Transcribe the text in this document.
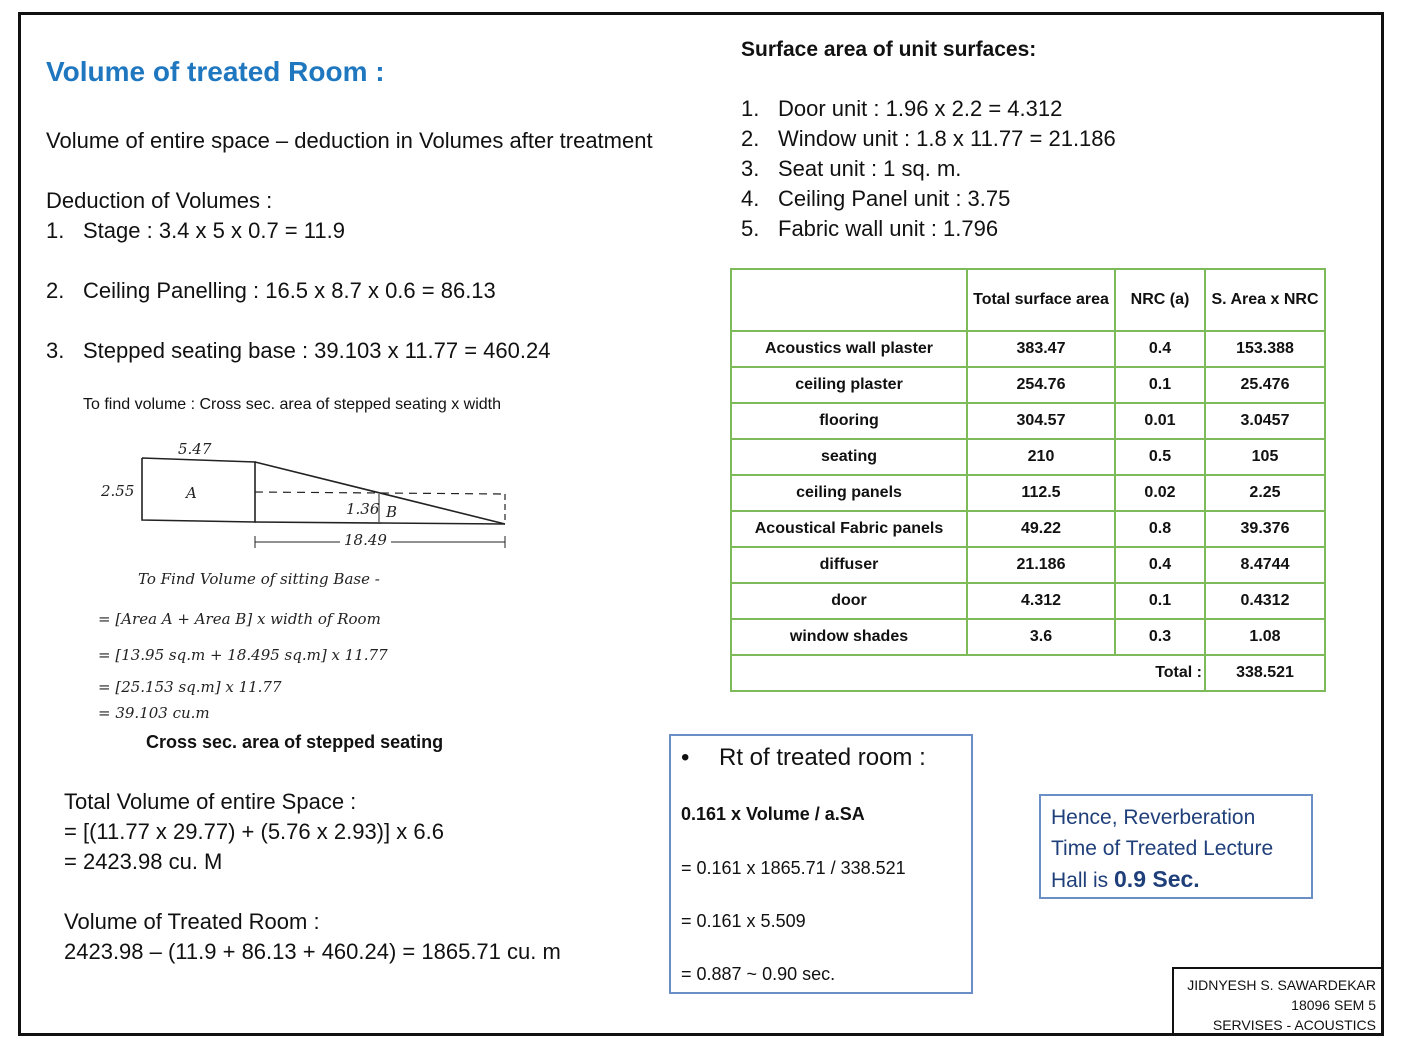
Volume of treated Room :
Volume of entire space – deduction in Volumes after treatment
Deduction of Volumes :
1. Stage : 3.4 x 5 x 0.7 = 11.9
2. Ceiling Panelling : 16.5 x 8.7 x 0.6 = 86.13
3. Stepped seating base : 39.103 x 11.77 = 460.24
To find volume : Cross sec. area of stepped seating x width
5.47
2.55	A
1.36 B
18.49
To Find Volume of sitting Base -
= [Area A + Area B] x width of Room
= [13.95 sq.m + 18.495 sq.m] x 11.77
= [25.153 sq.m] x 11.77
= 39.103 cu.m
Cross sec. area of stepped seating
Total Volume of entire Space :
= [(11.77 x 29.77) + (5.76 x 2.93)] x 6.6
= 2423.98 cu. M
Volume of Treated Room :
2423.98 – (11.9 + 86.13 + 460.24) = 1865.71 cu. m
Surface area of unit surfaces:
1. Door unit : 1.96 x 2.2 = 4.312
2. Window unit : 1.8 x 11.77 = 21.186
3. Seat unit : 1 sq. m.
4. Ceiling Panel unit : 3.75
5. Fabric wall unit : 1.796
	Total surface area	NRC (a)	S. Area x NRC
Acoustics wall plaster	383.47	0.4	153.388
ceiling plaster	254.76	0.1	25.476
flooring	304.57	0.01	3.0457
seating	210	0.5	105
ceiling panels	112.5	0.02	2.25
Acoustical Fabric panels	49.22	0.8	39.376
diffuser	21.186	0.4	8.4744
door	4.312	0.1	0.4312
window shades	3.6	0.3	1.08
Total :			338.521
• Rt of treated room :
0.161 x Volume / a.SA
= 0.161 x 1865.71 / 338.521
= 0.161 x 5.509
= 0.887 ~ 0.90 sec.
Hence, Reverberation
Time of Treated Lecture
Hall is 0.9 Sec.
JIDNYESH S. SAWARDEKAR
18096 SEM 5
SERVISES - ACOUSTICS
